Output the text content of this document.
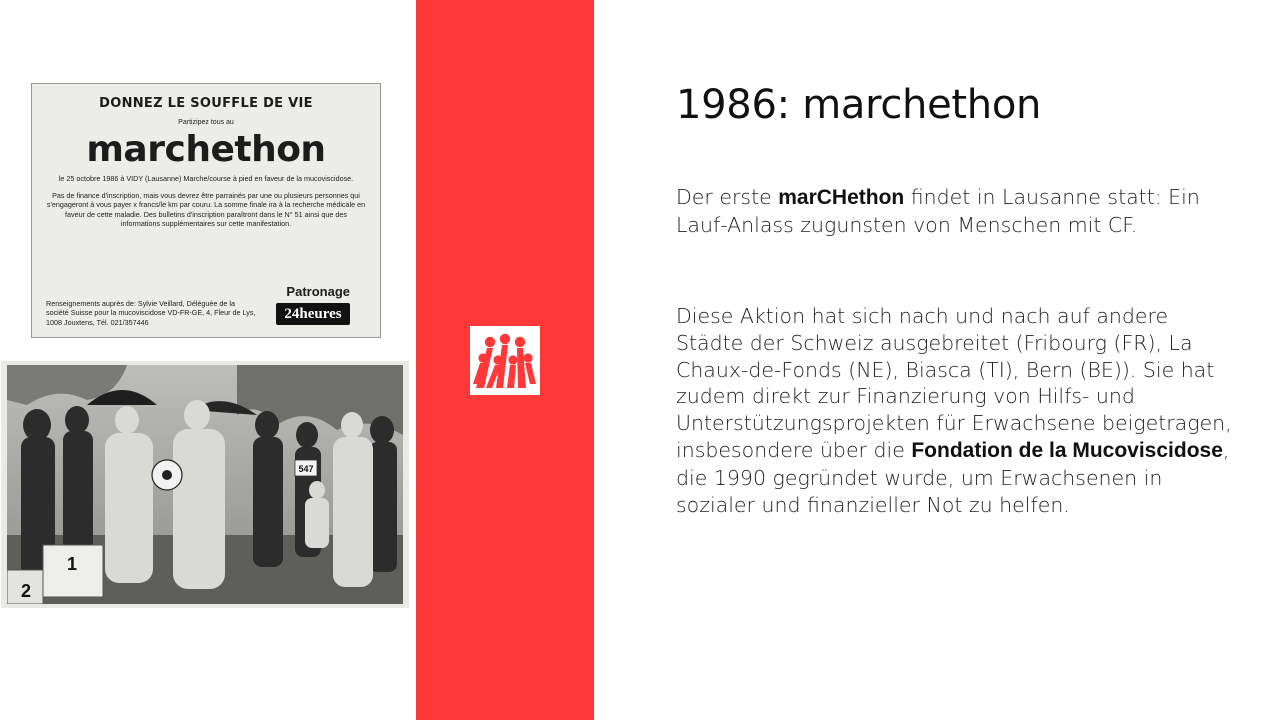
DONNEZ LE SOUFFLE DE VIE
Partizipez tous au
marchethon
le 25 octobre 1986 à VIDY (Lausanne) Marche/course à pied en faveur de la mucoviscidose.
Pas de finance d'inscription, mais vous devrez être parrainés par une ou plusieurs personnes qui s'engageront à vous payer x francs/le km par couru. La somme finale ira à la recherche médicale en faveur de cette maladie. Des bulletins d'inscription paraîtront dans le N° 51 ainsi que des informations supplémentaires sur cette manifestation.
Renseignements auprès de: Sylvie Veillard, Déléguée de la société Suisse pour la mucoviscidose VD-FR-GE, 4, Fleur de Lys, 1008 Jouxtens, Tél. 021/357446
Patronage
24heures
547
1
2
1986: marchethon

Der erste marCHethon findet in Lausanne statt: Ein Lauf-Anlass zugunsten von Menschen mit CF.

Diese Aktion hat sich nach und nach auf andere Städte der Schweiz ausgebreitet (Fribourg (FR), La Chaux-de-Fonds (NE), Biasca (TI), Bern (BE)). Sie hat zudem direkt zur Finanzierung von Hilfs- und Unterstützungsprojekten für Erwachsene beigetragen, insbesondere über die Fondation de la Mucoviscidose, die 1990 gegründet wurde, um Erwachsenen in sozialer und finanzieller Not zu helfen.
